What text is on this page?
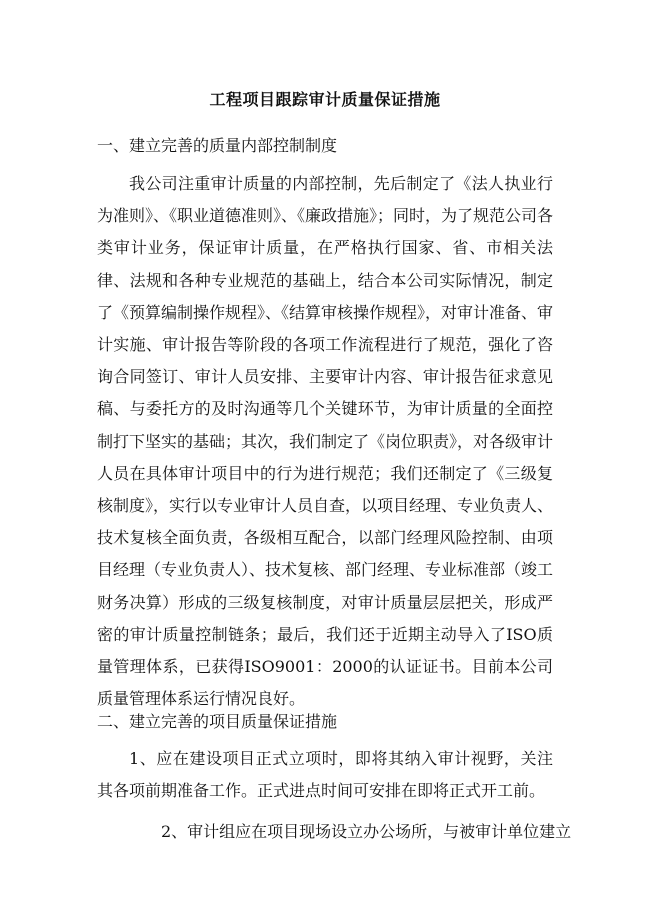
工程项目跟踪审计质量保证措施
一、建立完善的质量内部控制制度
我公司注重审计质量的内部控制，先后制定了《法人执业行为准则》、《职业道德准则》、《廉政措施》；同时，为了规范公司各类审计业务，保证审计质量，在严格执行国家、省、市相关法律、法规和各种专业规范的基础上，结合本公司实际情况，制定了《预算编制操作规程》、《结算审核操作规程》，对审计准备、审计实施、审计报告等阶段的各项工作流程进行了规范，强化了咨询合同签订、审计人员安排、主要审计内容、审计报告征求意见稿、与委托方的及时沟通等几个关键环节，为审计质量的全面控制打下坚实的基础；其次，我们制定了《岗位职责》，对各级审计人员在具体审计项目中的行为进行规范；我们还制定了《三级复核制度》，实行以专业审计人员自查，以项目经理、专业负责人、技术复核全面负责，各级相互配合，以部门经理风险控制、由项目经理（专业负责人）、技术复核、部门经理、专业标准部（竣工财务决算）形成的三级复核制度，对审计质量层层把关，形成严密的审计质量控制链条；最后，我们还于近期主动导入了ISO质量管理体系，已获得ISO9001：2000的认证证书。目前本公司质量管理体系运行情况良好。
二、建立完善的项目质量保证措施
1、应在建设项目正式立项时，即将其纳入审计视野，关注其各项前期准备工作。正式进点时间可安排在即将正式开工前。
2、审计组应在项目现场设立办公场所，与被审计单位建立
